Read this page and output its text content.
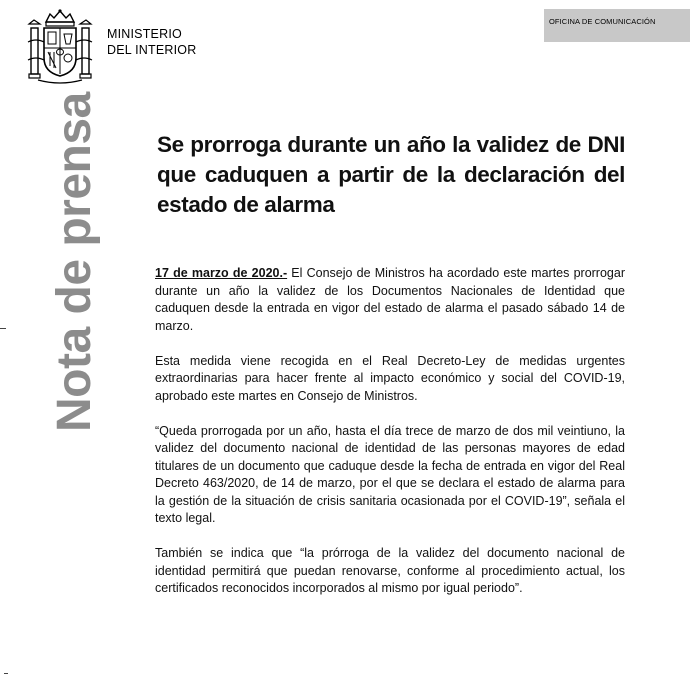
MINISTERIO
DEL INTERIOR
OFICINA DE COMUNICACIÓN
Nota de prensa Se prorroga durante un año la validez de DNI que caduquen a partir de la declaración del estado de alarma

17 de marzo de 2020.- El Consejo de Ministros ha acordado este martes prorrogar durante un año la validez de los Documentos Nacionales de Identidad que caduquen desde la entrada en vigor del estado de alarma el pasado sábado 14 de marzo.

Esta medida viene recogida en el Real Decreto-Ley de medidas urgentes extraordinarias para hacer frente al impacto económico y social del COVID-19, aprobado este martes en Consejo de Ministros.

“Queda prorrogada por un año, hasta el día trece de marzo de dos mil veintiuno, la validez del documento nacional de identidad de las personas mayores de edad titulares de un documento que caduque desde la fecha de entrada en vigor del Real Decreto 463/2020, de 14 de marzo, por el que se declara el estado de alarma para la gestión de la situación de crisis sanitaria ocasionada por el COVID-19”, señala el texto legal.

También se indica que “la prórroga de la validez del documento nacional de identidad permitirá que puedan renovarse, conforme al procedimiento actual, los certificados reconocidos incorporados al mismo por igual periodo”.
